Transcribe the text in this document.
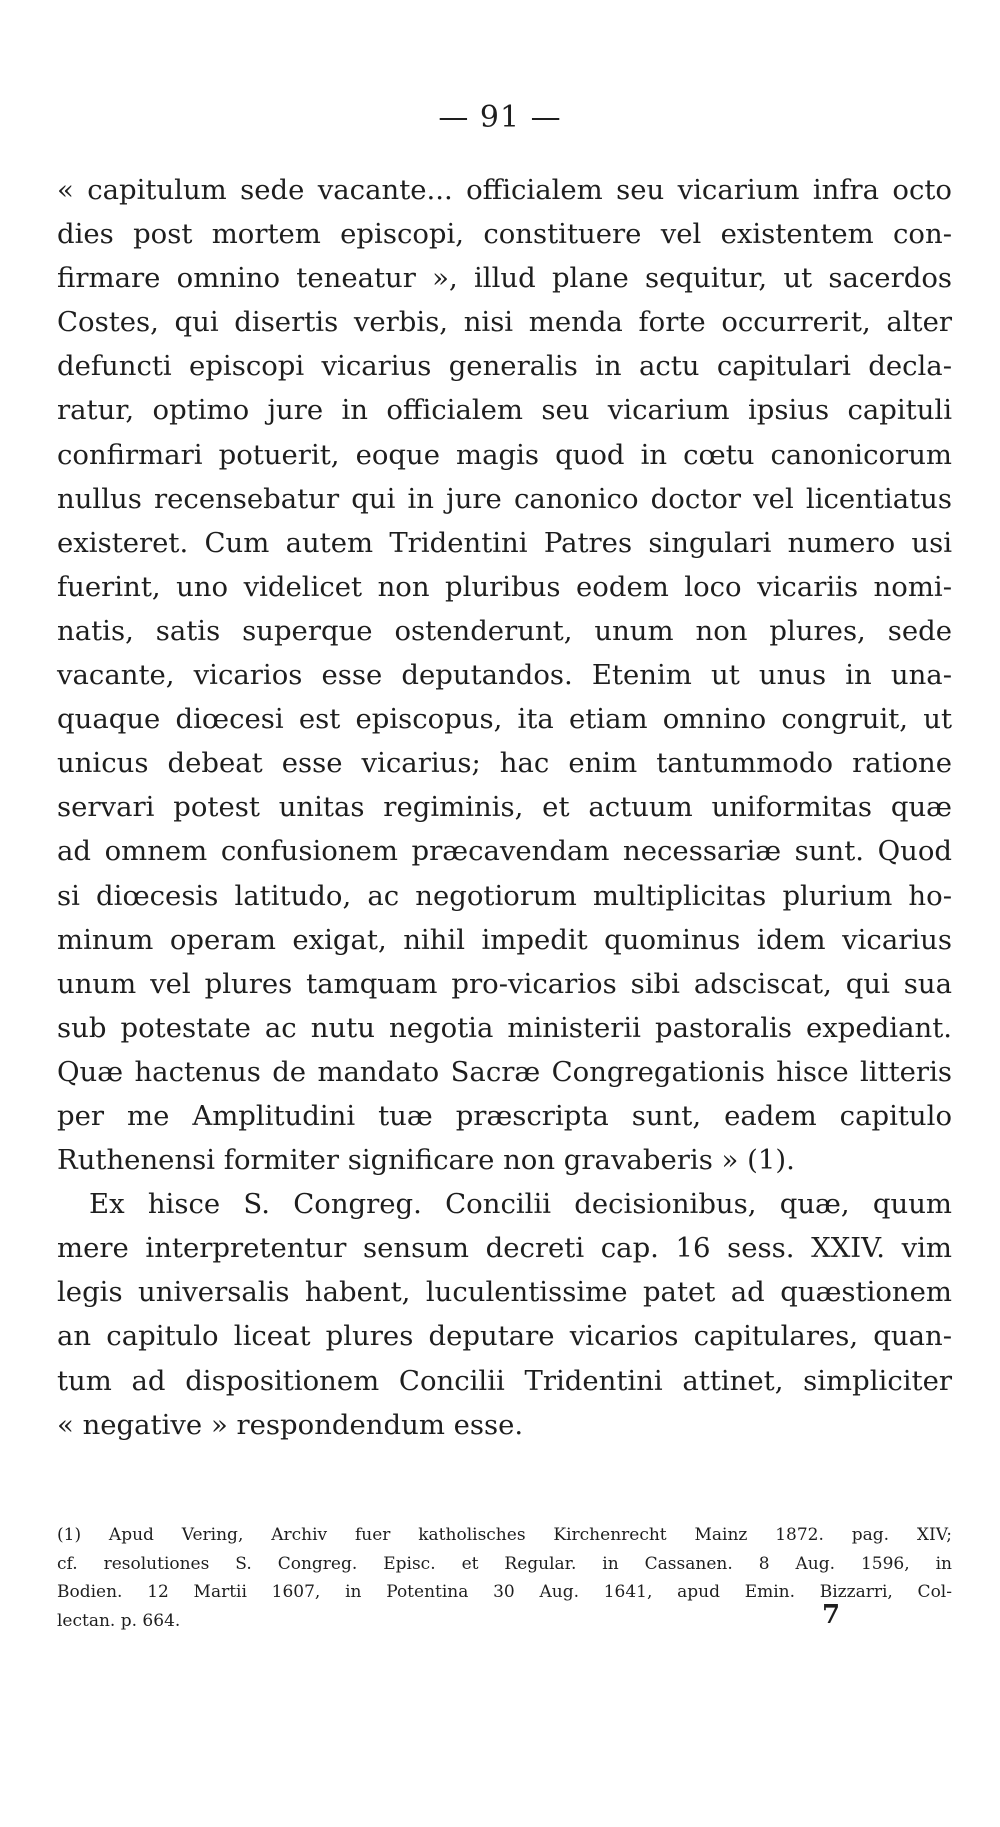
— 91 —
« capitulum sede vacante... officialem seu vicarium infra octo
dies post mortem episcopi, constituere vel existentem con-
firmare omnino teneatur », illud plane sequitur, ut sacerdos
Costes, qui disertis verbis, nisi menda forte occurrerit, alter
defuncti episcopi vicarius generalis in actu capitulari decla-
ratur, optimo jure in officialem seu vicarium ipsius capituli
confirmari potuerit, eoque magis quod in cœtu canonicorum
nullus recensebatur qui in jure canonico doctor vel licentiatus
existeret. Cum autem Tridentini Patres singulari numero usi
fuerint, uno videlicet non pluribus eodem loco vicariis nomi-
natis, satis superque ostenderunt, unum non plures, sede
vacante, vicarios esse deputandos. Etenim ut unus in una-
quaque diœcesi est episcopus, ita etiam omnino congruit, ut
unicus debeat esse vicarius; hac enim tantummodo ratione
servari potest unitas regiminis, et actuum uniformitas quæ
ad omnem confusionem præcavendam necessariæ sunt. Quod
si diœcesis latitudo, ac negotiorum multiplicitas plurium ho-
minum operam exigat, nihil impedit quominus idem vicarius
unum vel plures tamquam pro-vicarios sibi adsciscat, qui sua
sub potestate ac nutu negotia ministerii pastoralis expediant.
Quæ hactenus de mandato Sacræ Congregationis hisce litteris
per me Amplitudini tuæ præscripta sunt, eadem capitulo
Ruthenensi formiter significare non gravaberis » (1).
Ex hisce S. Congreg. Concilii decisionibus, quæ, quum
mere interpretentur sensum decreti cap. 16 sess. XXIV. vim
legis universalis habent, luculentissime patet ad quæstionem
an capitulo liceat plures deputare vicarios capitulares, quan-
tum ad dispositionem Concilii Tridentini attinet, simpliciter
« negative » respondendum esse.
(1) Apud Vering, Archiv fuer katholisches Kirchenrecht Mainz 1872. pag. XIV;
cf. resolutiones S. Congreg. Episc. et Regular. in Cassanen. 8 Aug. 1596, in
Bodien. 12 Martii 1607, in Potentina 30 Aug. 1641, apud Emin. Bizzarri, Col-
lectan. p. 664.	7
